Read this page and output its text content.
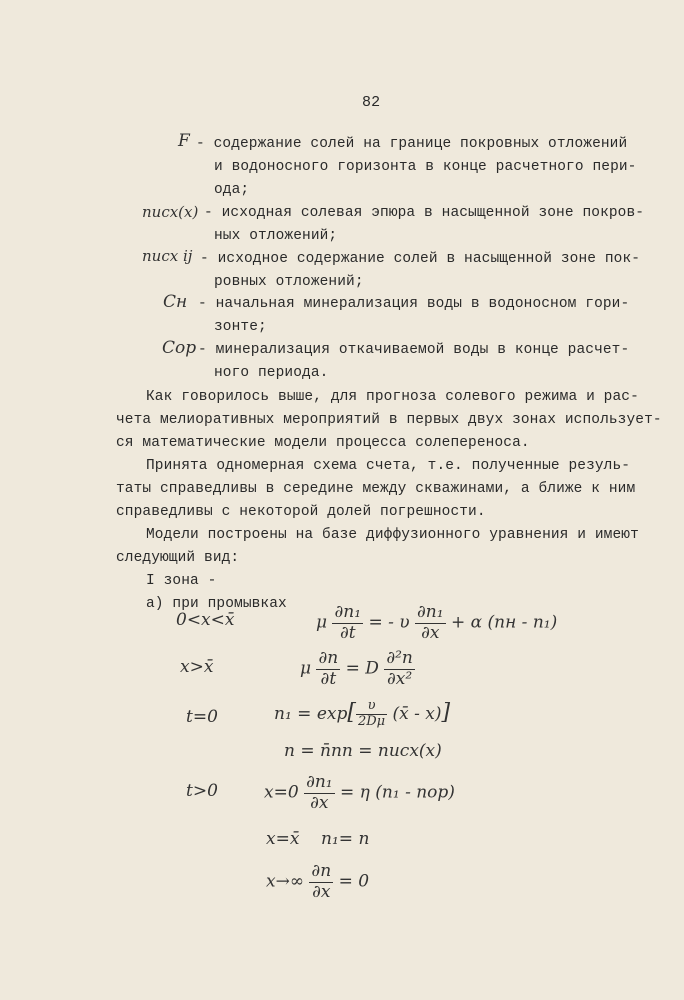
82
F - содержание солей на границе покровных отложений
и водоносного горизонта в конце расчетного пери-
ода;
nисх(x) - исходная солевая эпюра в насыщенной зоне покров-
ных отложений;
nисх ij - исходное содержание солей в насыщенной зоне пок-
ровных отложений;
Cн - начальная минерализация воды в водоносном гори-
зонте;
Cор - минерализация откачиваемой воды в конце расчет-
ного периода.
Как говорилось выше, для прогноза солевого режима и рас-
чета мелиоративных мероприятий в первых двух зонах использует-
ся математические модели процесса солепереноса.
Принята одномерная схема счета, т.е. полученные резуль-
таты справедливы в середине между скважинами, а ближе к ним
справедливы с некоторой долей погрешности.
Модели построены на базе диффузионного уравнения и имеют
следующий вид:
I зона -
а) при промывках
0<x<x̄	μ $\frac{\text{∂n₁}}{\partial t}$ = - υ $\frac{\text{∂n₁}}{\partial x} + \alpha$ (nн - n₁)
x>x̄	μ $\frac{\partial n}{\partial t} = D \frac{\text{∂²n}}{\text{∂x²}}$
t=0	$n_1 = \exp[ \frac{\upsilon}{2D\mu}$ (x̄ - x)]
n = n̄пп = nисх(x)
t>0	$x=0 \frac{\text{∂n₁}}{\partial x} = \eta$ (n₁ - nор)
x=x̄    n₁= n
$x\to\infty \frac{\partial n}{\partial x} = 0$
